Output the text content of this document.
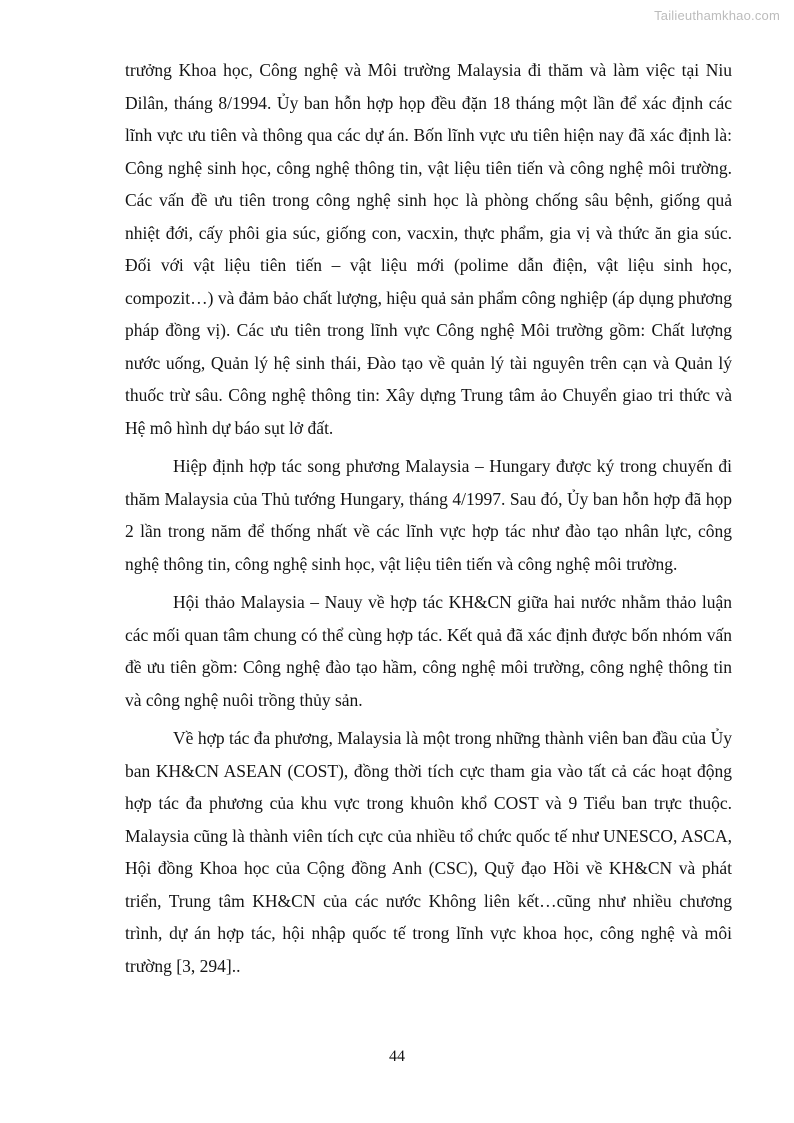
Tailieuthamkhao.com

trưởng Khoa học, Công nghệ và Môi trường Malaysia đi thăm và làm việc tại Niu Dilân, tháng 8/1994. Ủy ban hỗn hợp họp đều đặn 18 tháng một lần để xác định các lĩnh vực ưu tiên và thông qua các dự án. Bốn lĩnh vực ưu tiên hiện nay đã xác định là: Công nghệ sinh học, công nghệ thông tin, vật liệu tiên tiến và công nghệ môi trường. Các vấn đề ưu tiên trong công nghệ sinh học là phòng chống sâu bệnh, giống quả nhiệt đới, cấy phôi gia súc, giống con, vacxin, thực phẩm, gia vị và thức ăn gia súc. Đối với vật liệu tiên tiến – vật liệu mới (polime dẫn điện, vật liệu sinh học, compozit…) và đảm bảo chất lượng, hiệu quả sản phẩm công nghiệp (áp dụng phương pháp đồng vị). Các ưu tiên trong lĩnh vực Công nghệ Môi trường gồm: Chất lượng nước uống, Quản lý hệ sinh thái, Đào tạo về quản lý tài nguyên trên cạn và Quản lý thuốc trừ sâu. Công nghệ thông tin: Xây dựng Trung tâm ảo Chuyển giao tri thức và Hệ mô hình dự báo sụt lở đất.

Hiệp định hợp tác song phương Malaysia – Hungary được ký trong chuyến đi thăm Malaysia của Thủ tướng Hungary, tháng 4/1997. Sau đó, Ủy ban hỗn hợp đã họp 2 lần trong năm để thống nhất về các lĩnh vực hợp tác như đào tạo nhân lực, công nghệ thông tin, công nghệ sinh học, vật liệu tiên tiến và công nghệ môi trường.

Hội thảo Malaysia – Nauy về hợp tác KH&CN giữa hai nước nhằm thảo luận các mối quan tâm chung có thể cùng hợp tác. Kết quả đã xác định được bốn nhóm vấn đề ưu tiên gồm: Công nghệ đào tạo hầm, công nghệ môi trường, công nghệ thông tin và công nghệ nuôi trồng thủy sản.

Về hợp tác đa phương, Malaysia là một trong những thành viên ban đầu của Ủy ban KH&CN ASEAN (COST), đồng thời tích cực tham gia vào tất cả các hoạt động hợp tác đa phương của khu vực trong khuôn khổ COST và 9 Tiểu ban trực thuộc. Malaysia cũng là thành viên tích cực của nhiều tổ chức quốc tế như UNESCO, ASCA, Hội đồng Khoa học của Cộng đồng Anh (CSC), Quỹ đạo Hồi về KH&CN và phát triển, Trung tâm KH&CN của các nước Không liên kết…cũng như nhiều chương trình, dự án hợp tác, hội nhập quốc tế trong lĩnh vực khoa học, công nghệ và môi trường [3, 294]..

44
